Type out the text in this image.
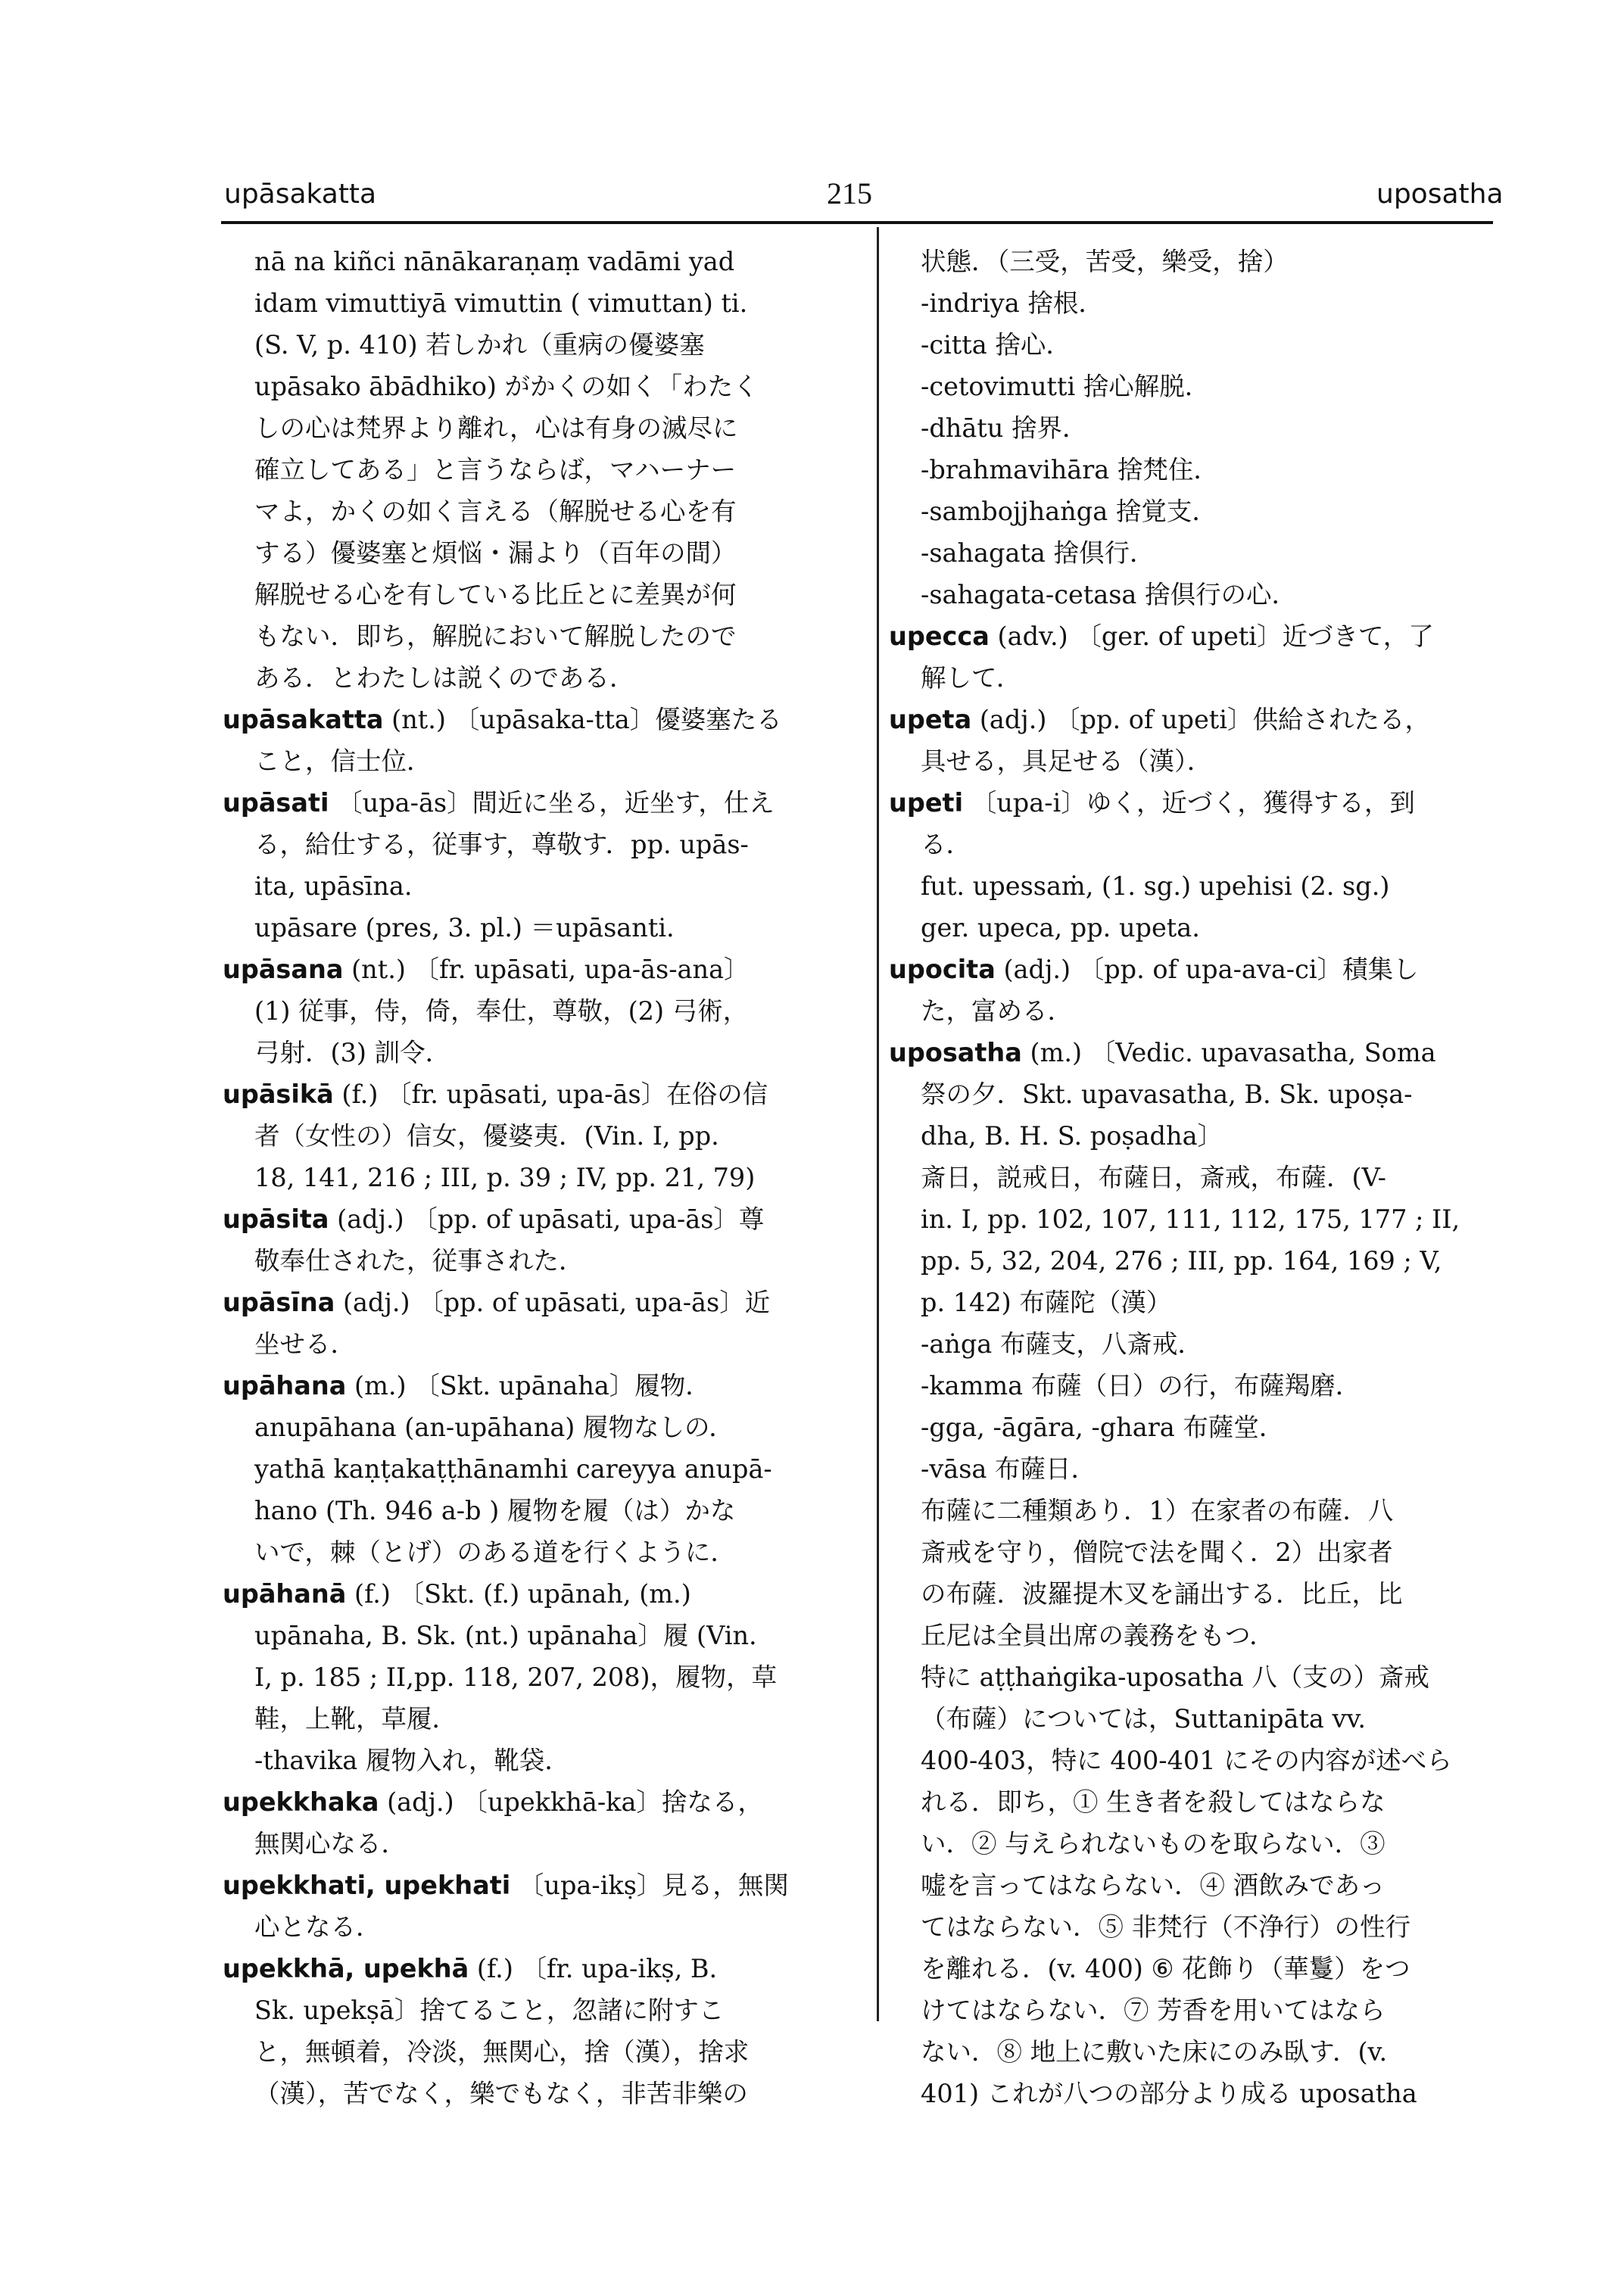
upāsakatta	215	uposatha
nā na kiñci nānākaraṇaṃ vadāmi yad
idam vimuttiyā vimuttin ( vimuttan) ti.
(S. V, p. 410) 若しかれ（重病の優婆塞
upāsako ābādhiko) がかくの如く「わたく
しの心は梵界より離れ，心は有身の滅尽に
確立してある」と言うならば，マハーナー
マよ，かくの如く言える（解脱せる心を有
する）優婆塞と煩悩・漏より（百年の間）
解脱せる心を有している比丘とに差異が何
もない．即ち，解脱において解脱したので
ある．とわたしは説くのである．
upāsakatta (nt.) 〔upāsaka-tta〕優婆塞たる
こと，信士位．
upāsati 〔upa-ās〕間近に坐る，近坐す，仕え
る，給仕する，従事す，尊敬す．pp. upās-
ita, upāsīna.
upāsare (pres, 3. pl.) ＝upāsanti.
upāsana (nt.) 〔fr. upāsati, upa-ās-ana〕
(1) 従事，侍，倚，奉仕，尊敬，(2) 弓術，
弓射．(3) 訓令．
upāsikā (f.) 〔fr. upāsati, upa-ās〕在俗の信
者（女性の）信女，優婆夷．(Vin. I, pp.
18, 141, 216 ; III, p. 39 ; IV, pp. 21, 79)
upāsita (adj.) 〔pp. of upāsati, upa-ās〕尊
敬奉仕された，従事された．
upāsīna (adj.) 〔pp. of upāsati, upa-ās〕近
坐せる．
upāhana (m.) 〔Skt. upānaha〕履物．
anupāhana (an-upāhana) 履物なしの．
yathā kaṇṭakaṭṭhānamhi careyya anupā-
hano (Th. 946 a-b ) 履物を履（は）かな
いで，棘（とげ）のある道を行くように．
upāhanā (f.) 〔Skt. (f.) upānah, (m.)
upānaha, B. Sk. (nt.) upānaha〕履 (Vin.
I, p. 185 ; II,pp. 118, 207, 208)，履物，草
鞋，上靴，草履．
-thavika 履物入れ，靴袋．
upekkhaka (adj.) 〔upekkhā-ka〕捨なる，
無関心なる．
upekkhati, upekhati 〔upa-ikṣ〕見る，無関
心となる．
upekkhā, upekhā (f.) 〔fr. upa-ikṣ, B.
Sk. upekṣā〕捨てること，忽諸に附すこ
と，無頓着，冷淡，無関心，捨（漢），捨求
（漢），苦でなく，樂でもなく，非苦非樂の
状態．（三受，苦受，樂受，捨）
-indriya 捨根．
-citta 捨心．
-cetovimutti 捨心解脱．
-dhātu 捨界．
-brahmavihāra 捨梵住．
-sambojjhaṅga 捨覚支．
-sahagata 捨倶行．
-sahagata-cetasa 捨倶行の心．
upecca (adv.) 〔ger. of upeti〕近づきて，了
解して．
upeta (adj.) 〔pp. of upeti〕供給されたる，
具せる，具足せる（漢）．
upeti 〔upa-i〕ゆく，近づく，獲得する，到
る．
fut. upessaṁ, (1. sg.) upehisi (2. sg.)
ger. upeca, pp. upeta.
upocita (adj.) 〔pp. of upa-ava-ci〕積集し
た，富める．
uposatha (m.) 〔Vedic. upavasatha, Soma
祭の夕．Skt. upavasatha, B. Sk. upoṣa-
dha, B. H. S. poṣadha〕
斎日，説戒日，布薩日，斎戒，布薩．(V-
in. I, pp. 102, 107, 111, 112, 175, 177 ; II,
pp. 5, 32, 204, 276 ; III, pp. 164, 169 ; V,
p. 142) 布薩陀（漢）
-aṅga 布薩支，八斎戒．
-kamma 布薩（日）の行，布薩羯磨．
-gga, -āgāra, -ghara 布薩堂．
-vāsa 布薩日．
布薩に二種類あり．1）在家者の布薩．八
斎戒を守り，僧院で法を聞く．2）出家者
の布薩．波羅提木叉を誦出する．比丘，比
丘尼は全員出席の義務をもつ．
特に aṭṭhaṅgika-uposatha 八（支の）斎戒
（布薩）については，Suttanipāta vv.
400-403，特に 400-401 にその内容が述べら
れる．即ち，① 生き者を殺してはならな
い．② 与えられないものを取らない．③
嘘を言ってはならない．④ 酒飲みであっ
てはならない．⑤ 非梵行（不浄行）の性行
を離れる．(v. 400) ⑥ 花飾り（華鬘）をつ
けてはならない．⑦ 芳香を用いてはなら
ない．⑧ 地上に敷いた床にのみ臥す．(v.
401) これが八つの部分より成る uposatha
